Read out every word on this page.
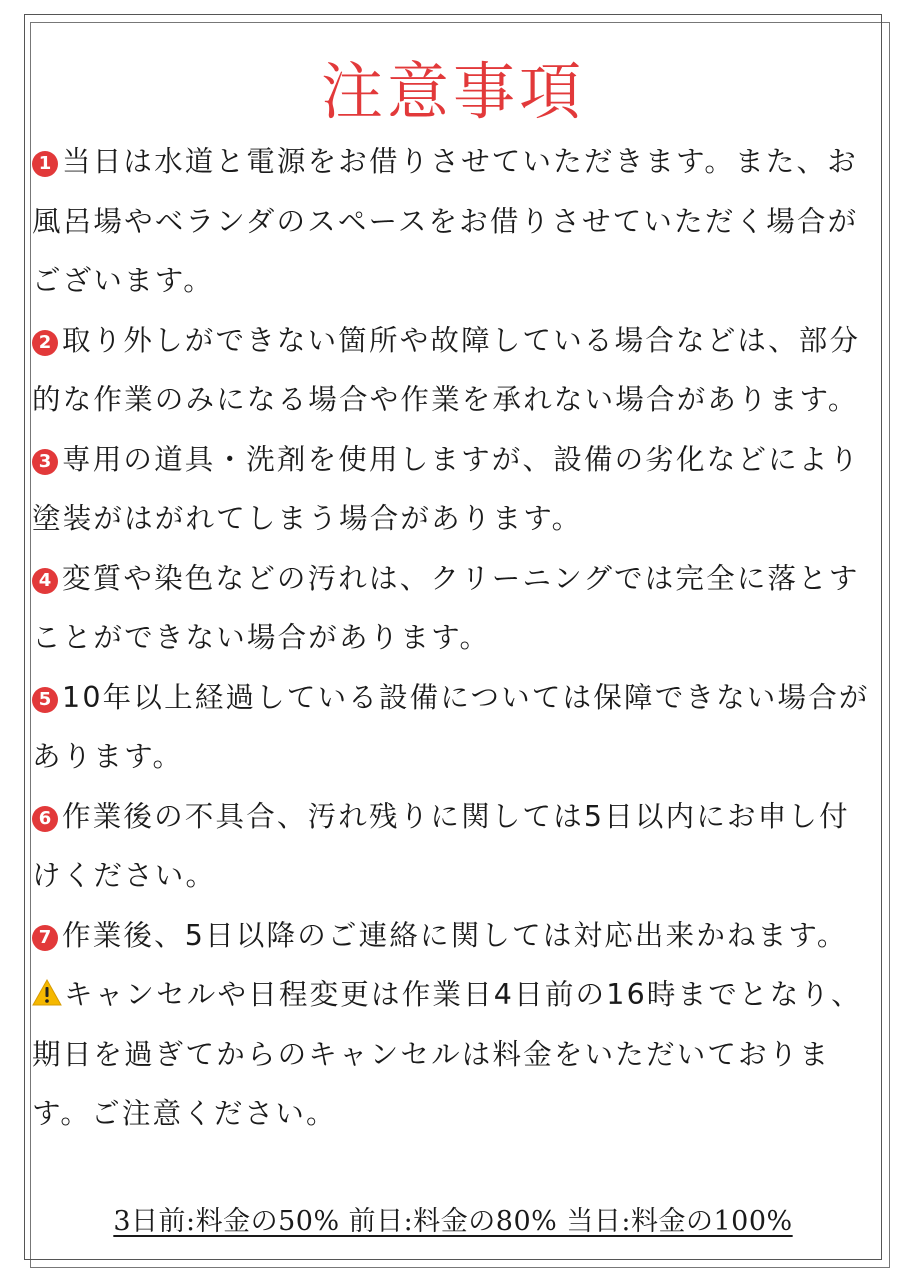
注意事項

1 当日は水道と電源をお借りさせていただきます。また、お風呂場やベランダのスペースをお借りさせていただく場合がございます。

2 取り外しができない箇所や故障している場合などは、部分的な作業のみになる場合や作業を承れない場合があります。

3 専用の道具・洗剤を使用しますが、設備の劣化などにより塗装がはがれてしまう場合があります。

4 変質や染色などの汚れは、クリーニングでは完全に落とすことができない場合があります。

5 10年以上経過している設備については保障できない場合があります。

6 作業後の不具合、汚れ残りに関しては5日以内にお申し付けください。

7 作業後、5日以降のご連絡に関しては対応出来かねます。

キャンセルや日程変更は作業日4日前の16時までとなり、期日を過ぎてからのキャンセルは料金をいただいております。ご注意ください。

3日前:料金の50% 前日:料金の80% 当日:料金の100%
